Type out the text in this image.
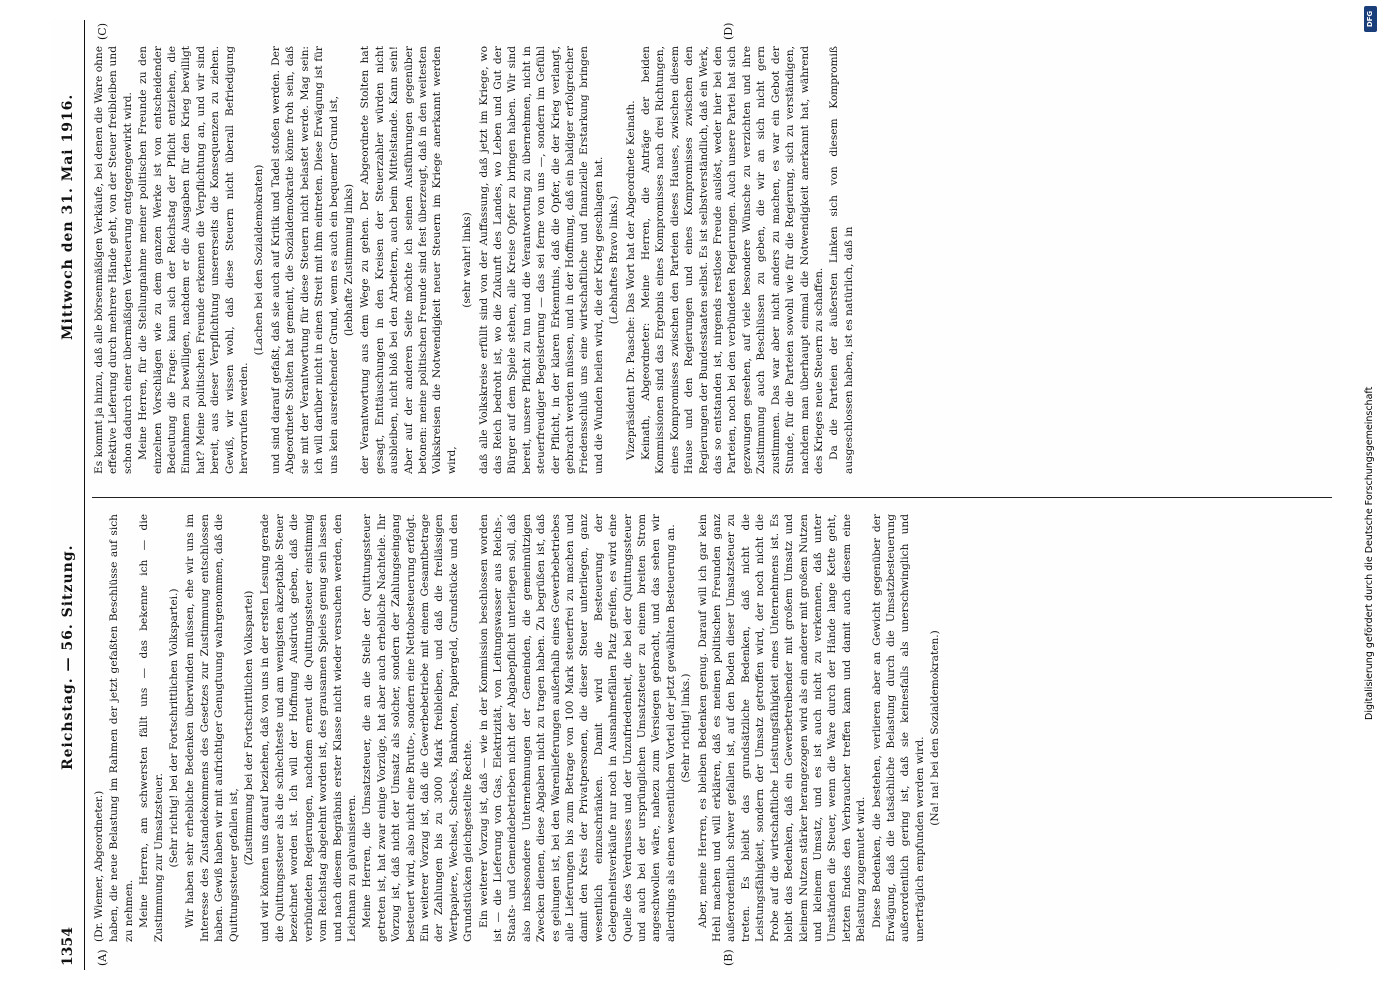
1354
Reichstag. — 56. Sitzung.
Mittwoch den 31. Mai 1916.
(A)	(B)
(C)	(D)

(Dr. Wiemer, Abgeordneter.) haben, die neue Belastung im Rahmen der jetzt gefaßten Beschlüsse auf sich zu nehmen. Meine Herren, am schwersten fällt uns — das bekenne ich — die Zustimmung zur Umsatzsteuer. (Sehr richtig! bei der Fortschrittlichen Volkspartei.) Wir haben sehr erhebliche Bedenken überwinden müssen, ehe wir uns im Interesse des Zustandekommens des Gesetzes zur Zustimmung entschlossen haben. Gewiß haben wir mit aufrichtiger Genugtuung wahrgenommen, daß die Quittungssteuer gefallen ist, (Zustimmung bei der Fortschrittlichen Volkspartei) und wir können uns darauf beziehen, daß von uns in der ersten Lesung gerade die Quittungssteuer als die schlechteste und am wenigsten akzeptable Steuer bezeichnet worden ist. Ich will der Hoffnung Ausdruck geben, daß die verbündeten Regierungen, nachdem erneut die Quittungssteuer einstimmig vom Reichstag abgelehnt worden ist, des grausamen Spieles genug sein lassen und nach diesem Begräbnis erster Klasse nicht wieder versuchen werden, den Leichnam zu galvanisieren. Meine Herren, die Umsatzsteuer, die an die Stelle der Quittungssteuer getreten ist, hat zwar einige Vorzüge, hat aber auch erhebliche Nachteile. Ihr Vorzug ist, daß nicht der Umsatz als solcher, sondern der Zahlungseingang besteuert wird, also nicht eine Brutto-, sondern eine Nettobesteuerung erfolgt. Ein weiterer Vorzug ist, daß die Gewerbebetriebe mit einem Gesamtbetrage der Zahlungen bis zu 3000 Mark freibleiben, und daß die freilässigen Wertpapiere, Wechsel, Schecks, Banknoten, Papiergeld, Grundstücke und den Grundstücken gleichgestellte Rechte. Ein weiterer Vorzug ist, daß — wie in der Kommission beschlossen worden ist — die Lieferung von Gas, Elektrizität, von Leitungswasser aus Reichs-, Staats- und Gemeindebetrieben nicht der Abgabepflicht unterliegen soll, daß also insbesondere Unternehmungen der Gemeinden, die gemeinnützigen Zwecken dienen, diese Abgaben nicht zu tragen haben. Zu begrüßen ist, daß es gelungen ist, bei den Warenlieferungen außerhalb eines Gewerbebetriebes alle Lieferungen bis zum Betrage von 100 Mark steuerfrei zu machen und damit den Kreis der Privatpersonen, die dieser Steuer unterliegen, ganz wesentlich einzuschränken. Damit wird die Besteuerung der Gelegenheitsverkäufe nur noch in Ausnahmefällen Platz greifen, es wird eine Quelle des Verdrusses und der Unzufriedenheit, die bei der Quittungssteuer und auch bei der ursprünglichen Umsatzsteuer zu einem breiten Strom angeschwollen wäre, nahezu zum Versiegen gebracht, und das sehen wir allerdings als einen wesentlichen Vorteil der jetzt gewählten Besteuerung an. (Sehr richtig! links.) Aber, meine Herren, es bleiben Bedenken genug. Darauf will ich gar kein Hehl machen und will erklären, daß es meinen politischen Freunden ganz außerordentlich schwer gefallen ist, auf den Boden dieser Umsatzsteuer zu treten. Es bleibt das grundsätzliche Bedenken, daß nicht die Leistungsfähigkeit, sondern der Umsatz getroffen wird, der noch nicht die Probe auf die wirtschaftliche Leistungsfähigkeit eines Unternehmens ist. Es bleibt das Bedenken, daß ein Gewerbetreibender mit großem Umsatz und kleinem Nutzen stärker herangezogen wird als ein anderer mit großem Nutzen und kleinem Umsatz, und es ist auch nicht zu verkennen, daß unter Umständen die Steuer, wenn die Ware durch der Hände lange Kette geht, letzten Endes den Verbraucher treffen kann und damit auch diesem eine Belastung zugemutet wird. Diese Bedenken, die bestehen, verlieren aber an Gewicht gegenüber der Erwägung, daß die tatsächliche Belastung durch die Umsatzbesteuerung außerordentlich gering ist, daß sie keinesfalls als unerschwinglich und unerträglich empfunden werden wird.

(Na! na! bei den Sozialdemokraten.)

Es kommt ja hinzu, daß alle börsenmäßigen Verkäufe, bei denen die Ware ohne effektive Lieferung durch mehrere Hände geht, von der Steuer freibleiben und schon dadurch einer übermäßigen Verteuerung entgegengewirkt wird. Meine Herren, für die Stellungnahme meiner politischen Freunde zu den einzelnen Vorschlägen wie zu dem ganzen Werke ist von entscheidender Bedeutung die Frage: kann sich der Reichstag der Pflicht entziehen, die Einnahmen zu bewilligen, nachdem er die Ausgaben für den Krieg bewilligt hat? Meine politischen Freunde erkennen die Verpflichtung an, und wir sind bereit, aus dieser Verpflichtung unsererseits die Konsequenzen zu ziehen. Gewiß, wir wissen wohl, daß diese Steuern nicht überall Befriedigung hervorrufen werden.

(Lachen bei den Sozialdemokraten) und sind darauf gefaßt, daß sie auch auf Kritik und Tadel stoßen werden. Der Abgeordnete Stolten hat gemeint, die Sozialdemokratie könne froh sein, daß sie mit der Verantwortung für diese Steuern nicht belastet werde. Mag sein: ich will darüber nicht in einen Streit mit ihm eintreten. Diese Erwägung ist für uns kein ausreichender Grund, wenn es auch ein bequemer Grund ist, (lebhafte Zustimmung links) der Verantwortung aus dem Wege zu gehen. Der Abgeordnete Stolten hat gesagt, Enttäuschungen in den Kreisen der Steuerzahler würden nicht ausbleiben, nicht bloß bei den Arbeitern, auch beim Mittelstande. Kann sein! Aber auf der anderen Seite möchte ich seinen Ausführungen gegenüber betonen: meine politischen Freunde sind fest überzeugt, daß in den weitesten Volkskreisen die Notwendigkeit neuer Steuern im Kriege anerkannt werden wird,

(sehr wahr! links) daß alle Volkskreise erfüllt sind von der Auffassung, daß jetzt im Kriege, wo das Reich bedroht ist, wo die Zukunft des Landes, wo Leben und Gut der Bürger auf dem Spiele stehen, alle Kreise Opfer zu bringen haben. Wir sind bereit, unsere Pflicht zu tun und die Verantwortung zu übernehmen, nicht in steuerfreudiger Begeisterung — das sei ferne von uns —, sondern im Gefühl der Pflicht, in der klaren Erkenntnis, daß die Opfer, die der Krieg verlangt, gebracht werden müssen, und in der Hoffnung, daß ein baldiger erfolgreicher Friedensschluß uns eine wirtschaftliche und finanzielle Erstarkung bringen und die Wunden heilen wird, die der Krieg geschlagen hat. (Lebhaftes Bravo links.) Vizepräsident Dr. Paasche: Das Wort hat der Abgeordnete Keinath. Keinath, Abgeordneter: Meine Herren, die Anträge der beiden Kommissionen sind das Ergebnis eines Kompromisses nach drei Richtungen, eines Kompromisses zwischen den Parteien dieses Hauses, zwischen diesem Hause und den Regierungen und eines Kompromisses zwischen den Regierungen der Bundesstaaten selbst. Es ist selbstverständlich, daß ein Werk, das so entstanden ist, nirgends restlose Freude auslöst, weder hier bei den Parteien, noch bei den verbündeten Regierungen. Auch unsere Partei hat sich gezwungen gesehen, auf viele besondere Wünsche zu verzichten und ihre Zustimmung auch Beschlüssen zu geben, die wir an sich nicht gern zustimmen. Das war aber nicht anders zu machen, es war ein Gebot der Stunde, für die Parteien sowohl wie für die Regierung, sich zu verständigen, nachdem man überhaupt einmal die Notwendigkeit anerkannt hat, während des Krieges neue Steuern zu schaffen. Da die Parteien der äußersten Linken sich von diesem Kompromiß ausgeschlossen haben, ist es natürlich, daß in

DFG
Digitalisierung gefördert durch die Deutsche Forschungsgemeinschaft
